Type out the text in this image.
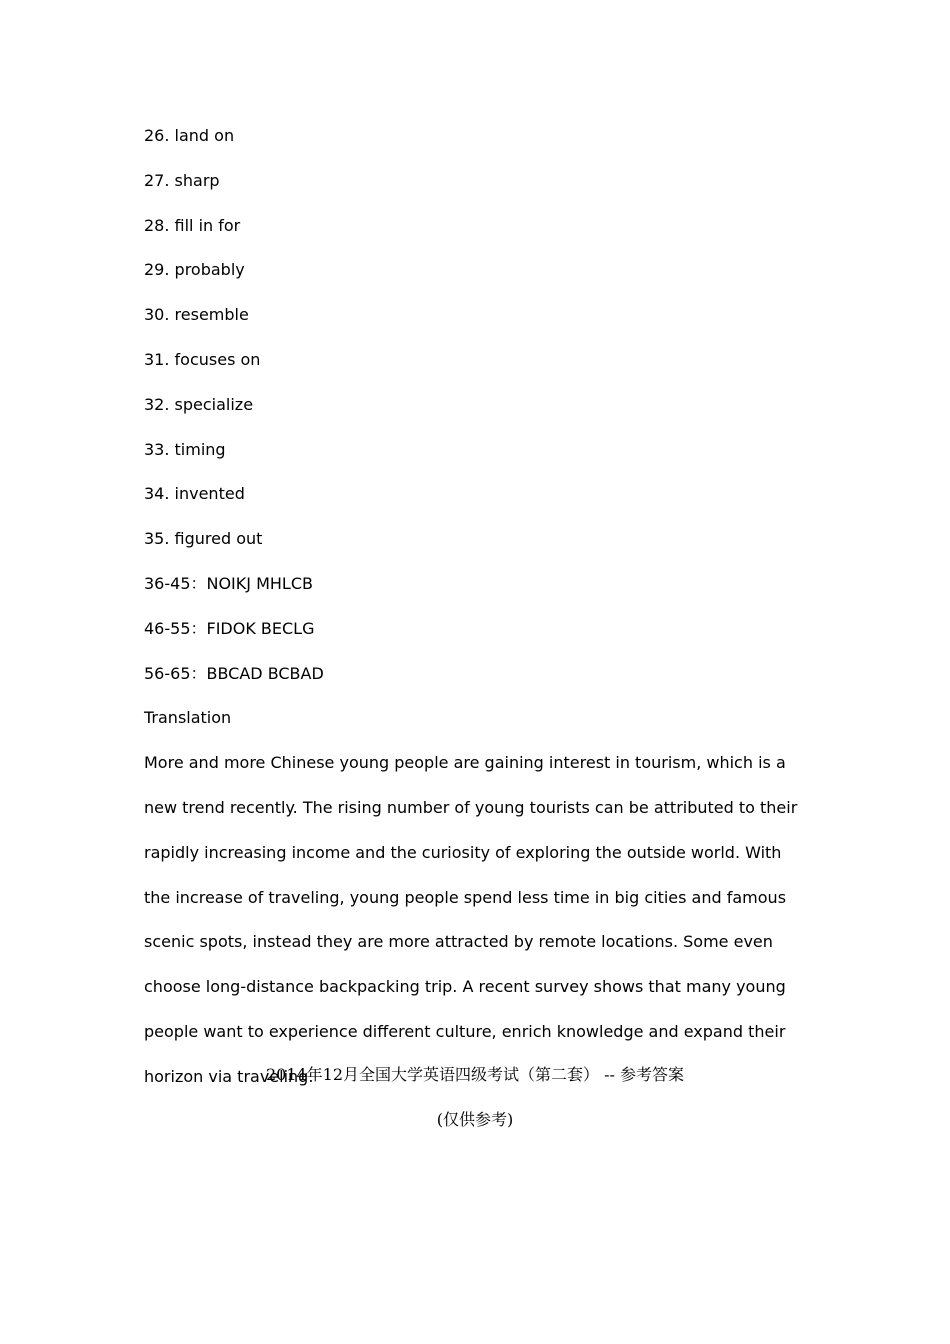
26. land on
27. sharp
28. fill in for
29. probably
30. resemble
31. focuses on
32. specialize
33. timing
34. invented
35. figured out
36-45：NOIKJ MHLCB
46-55：FIDOK BECLG
56-65：BBCAD BCBAD
Translation

More and more Chinese young people are gaining interest in tourism, which is a new trend recently. The rising number of young tourists can be attributed to their rapidly increasing income and the curiosity of exploring the outside world. With the increase of traveling, young people spend less time in big cities and famous scenic spots, instead they are more attracted by remote locations. Some even choose long-distance backpacking trip. A recent survey shows that many young people want to experience different culture, enrich knowledge and expand their horizon via traveling.

2014年12月全国大学英语四级考试（第二套） -- 参考答案
(仅供参考)
